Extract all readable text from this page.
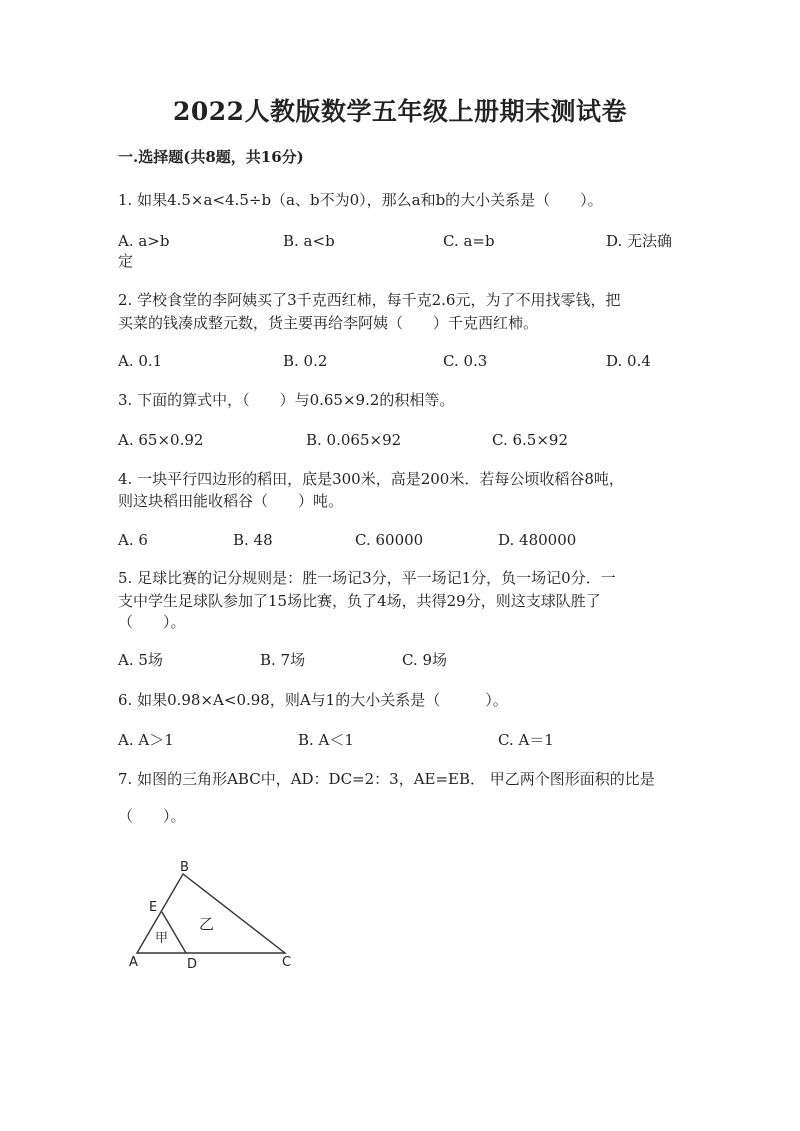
2022人教版数学五年级上册期末测试卷
一.选择题(共8题，共16分)
1. 如果4.5×a<4.5÷b（a、b不为0），那么a和b的大小关系是（　　）。
A. a>b	B. a<b	C. a=b	D. 无法确
定
2. 学校食堂的李阿姨买了3千克西红柿，每千克2.6元，为了不用找零钱，把
买菜的钱凑成整元数，货主要再给李阿姨（　　）千克西红柿。
A. 0.1	B. 0.2	C. 0.3	D. 0.4
3. 下面的算式中，（　　）与0.65×9.2的积相等。
A. 65×0.92	B. 0.065×92	C. 6.5×92
4. 一块平行四边形的稻田，底是300米，高是200米．若每公顷收稻谷8吨，
则这块稻田能收稻谷（　　）吨。
A. 6	B. 48	C. 60000	D. 480000
5. 足球比赛的记分规则是：胜一场记3分，平一场记1分，负一场记0分．一
支中学生足球队参加了15场比赛，负了4场，共得29分，则这支球队胜了
（　　）。
A. 5场	B. 7场	C. 9场
6. 如果0.98×A<0.98，则A与1的大小关系是（　　　）。
A. A＞1	B. A＜1	C. A＝1
7. 如图的三角形ABC中，AD：DC=2：3，AE=EB． 甲乙两个图形面积的比是
（　　）。
B
E
A	D	C
甲
乙
